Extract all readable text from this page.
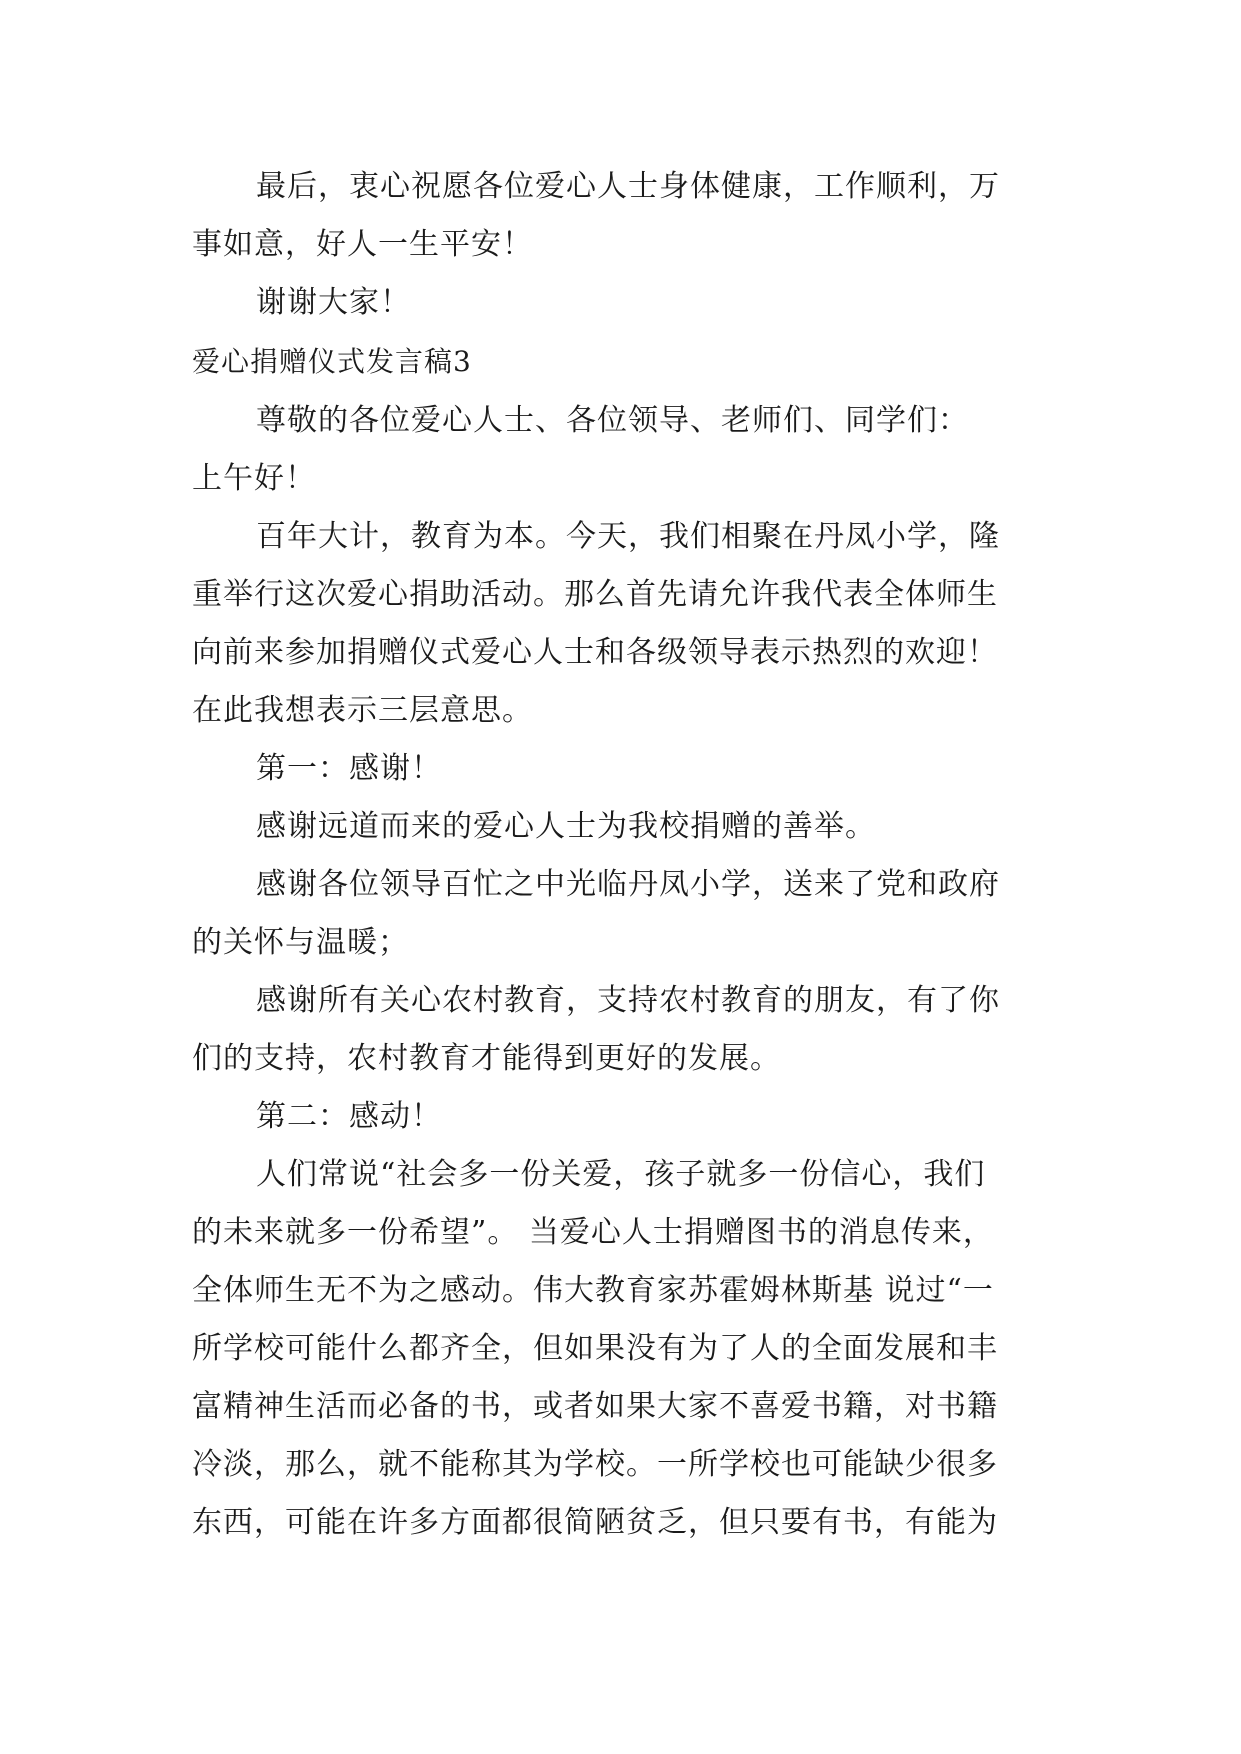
最后，衷心祝愿各位爱心人士身体健康，工作顺利，万
事如意，好人一生平安！
谢谢大家！
爱心捐赠仪式发言稿3
尊敬的各位爱心人士、各位领导、老师们、同学们：
上午好！
百年大计，教育为本。今天，我们相聚在丹凤小学，隆
重举行这次爱心捐助活动。那么首先请允许我代表全体师生
向前来参加捐赠仪式爱心人士和各级领导表示热烈的欢迎！
在此我想表示三层意思。
第一：感谢！
感谢远道而来的爱心人士为我校捐赠的善举。
感谢各位领导百忙之中光临丹凤小学，送来了党和政府
的关怀与温暖；
感谢所有关心农村教育，支持农村教育的朋友，有了你
们的支持，农村教育才能得到更好的发展。
第二：感动！
人们常说“社会多一份关爱，孩子就多一份信心，我们
的未来就多一份希望”。 当爱心人士捐赠图书的消息传来，
全体师生无不为之感动。伟大教育家苏霍姆林斯基 说过“一
所学校可能什么都齐全，但如果没有为了人的全面发展和丰
富精神生活而必备的书，或者如果大家不喜爱书籍，对书籍
冷淡，那么，就不能称其为学校。一所学校也可能缺少很多
东西，可能在许多方面都很简陋贫乏，但只要有书，有能为
